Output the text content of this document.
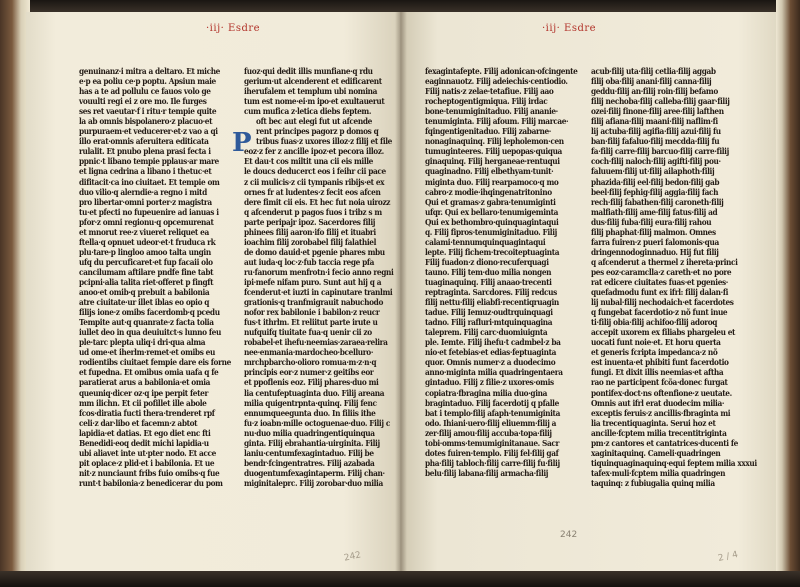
·iij· Esdre
genuinanz·i mitra a deltaro. Et miche
e·p ea poliu ce·p poptu. Apsiun maie
has a te ad pollulu ce fauos volo ge
vouulti regi ei z ore mo. Ile furges
ses ret vaeutar·f i ritu·r tempie quite
la ab omnis bispolanero·z placuo·et
purpuraem·et veducerer·et·z vao a qi
illo erat·omnis aferuitera editicata
rulalit. Et pnubo plena prasi fecta i
ppnic·t libano tempie pplaus·ar mare
et ligna cedrina a libano i thetuc·et
difitacit·ca ino ciuitaet. Et tempie om
duo vilio·q alerndie·a regno i mitd
pro libertar·omni porter·z magistra
tu·et pfecti no fupeuenire ad ianuas i
pfor·z omni regionu·q opcemurenat
et mnorut ree·z viueret reliquet ea
ftella·q opnuet udeor·et·t fruduca rk
plu·tare·p lingloo amoo talta ungin
ufq du percuficaret·et fup facaii olo
cancilumam aftilare pndfe fine tabt
pcipni·alia talita riet·offeret p fingft
anoo·et omib·q prebuit a babilonia
atre ciuitate·ur illet iblas eo opio q
filijs ione·z omibs facerdomb·q pcedu
Tempite aut·q quanrate·z facta tolia
iullet deo in qua deuiuitct·s lunno feu
ple·tarc plepta uliq·i dri·qua alma
ud ome·et iherlm·remet·et omibs eu
rodientibs ciuitaet fempie dare eis forne
et fupedna. Et omibus omia uafa q fe
paratierat arus a babilonia·et omia
queuniq·dicer oz·q ipe perpit feter
mm ilichn. Et cii pofillet ille abole
fcos·diratia fucti thera·trenderet rpf
celi·z dar·libo et facemn·z abtot
lapidia·et datias. Et ego diet enc fti
Benedidi·eoq dedit michi lapidia·u
ubi aliavet inte ut·pter nodo. Et acce
pit oplace·z plid·et i babilonia. Et ue
nit·z nunciaunt fribs fuio omibs·q fue
runt·t babilonia·z benedicerar du pom
fuoz·qui dedit illis munfiane·q rdu
gerium·ut alcenderent et edificarent
iherufalem et templum ubi nomina
tum est nome·ei·m ipo·et exultauerut
cum mufica z·letica diebs feptem.
oft bec aut elegi fut ut afcende
rent principes pagorz p domos q
tribus fuas·z uxores illoz·z filij et file
eoz·z fer z ancille ipoz·et pecora illoz.
Et dau·t cos miltit una cii eis mille
le doucs deducerct eos i feihr cii pace
z cii mulicis·z cii tympanis ribijs·et ex
ornes fr at ludentes·z fecit eos afcen
dere fimit cii eis. Et hec fut noia uirozz
q afcenderut p pagos fuos i tribz s m
parte peripajr ipoz. Sacerdores filij
phinees filij aaron·ifo filij et ituabri
ioachim filij zorobabel filij falathiel
de domo dauid·et pgenie phares mbu
aut iuda·q loc·z·fub taccia rege pfa
ru·fanorum menfrotn·i fecio anno regni
ipi·mefe nifam puro. Sunt aut hij q a
fcenderut·et iuzti in capinutare tranlmi
grationis·q tranfmigrauit nabuchodo
nofor rex babilonie i babilon·z reucr
fus·t ithrlm. Et reliitut parte irute u
nufquifq tiuitate fua·q uenir cii zo
robabel·et ihefu·neemias·zaraea·relira
nee·enmania·mardocheo·bcelluro·
mrchpbarcho·olioro romua·m·z·n·q
principis eor·z numer·z geitibs eor
et ppoflenis eoz. Filij phares·duo mi
lia centufeptuaginta duo. Filij areana
milia quigentrpnta·quinq. Filij fenc
ennumqueegunta duo. In filiis ithe
fu·z ioabn·mille octoguenae·duo. Filij c
nu·duo milia quadringentiquinqua
ginta. Filij ebrahantia·uirginita. Filij
laniu·centumfexagintaduo. Filij be
bendr·fcingentratres. Filij azabada
duogentumfexagintaperm. Filij chan·
miginitaleprc. Filij zorobar·duo milia
P
242
·iij· Esdre
fexagintafepte. Filij adonican·ofcingente
eaginnauotz. Filij adeiechis·centiodio.
Filij natis·z zelae·tetafiue. Filij aao
rocheptogentigmiqua. Filij irdac
bone·tenumiginitaduo. Filij ananie·
tenumiginta. Filij afoum. Filij marcae·
fqingentigenitaduo. Filij zabarne·
nonaginaquinq. Filij lepholemon·cen
tumuginteeres. Filij uepopas·quiqua
ginaquinq. Filij herganeae·rentuqui
quaginadno. Filij elbethyam·tunit·
miginta duo. Filij rearpamoco·q mo
cabro·z modie·ihqingenatritonino
Qui et gramas·z gabra·tenumiginti
ufqr. Qui ex bellaro·tenumigeminta
Qui ex bethombro·quinquagintaqui
q. Filij fipros·tenumiginitaduo. Filij
calami·tennumquinquagintaqui
lepte. Filij fichem·trecoiteptuaginta
Filij fuadon·z diono·recuferquagi
tauno. Filij tem·duo milia nongen
tuaginaquinq. Filij anaao·trecenti
reptraginta. Sarcdores. Filij redcus
filij nettu·filij eliabfi·recentiqruagin
tadue. Filij Iemuz·oudtrquinquagi
tadno. Filij rafluri·mtquinquagina
taleprem. Filij carc·duomiuignta
ple. Iemte. Filij ihefu·t cadmbel·z ba
nio·et fetebias·et edias·feptuaginta
quor. Omnis numer·z a duodecimo
anno·miginta milia quadringentaera
gintaduo. Filij z filie·z uxores·omis
copiatra·fbragina milia duo·gina
bragintaduo. Filij facerdotij q pfalle
bat i templo·filij afaph·tenumiginita
odo. Ihiani·uero·filij eliuemm·filij a
zer·filij amou·filij accuba·topa·filij
tobi·omms·temumiginitanaue. Sacr
dotes fuiren·templo. Filij fel·filij gaf
pha·filij tabloch·filij carre·filij fu·filij
belu·filij labana·filij armacha·filij
acub·filij uta·filij cetlia·filij aggab
filij oba·filij anani·filij canna·filij
geddu·filij an·filij roin·filij befamo
filij nechoba·filij calleba·filij gaar·filij
ozei·filij finone·filij aree·filij lafthen
filij afiana·filij maani·filij naflim·fi
lij actuba·filij agifia·filij azui·filij fu
ban·filij fafaluo·filij mecdda·filij fu
fa·filij carre·filij barcuo·filij carre·filij
coch·filij naloch·filij agifti·filij pou·
faluuem·filij ut·filij ailaphoth·filij
phazida·filij eel·filij bedon·filij gab
beel·filij fephig·filij aggia·filij fach
rech·filij fabathen·filij caroneth·filij
malfiath·filij ame·filij fatus·filij ad
dus·filij fuba·filij eura·filij rahou
filij phaphat·filij malmon. Omnes
farra fuiren·z pueri falomonis·qua
dringennodoginnaduo. Hij fut filij
q afcenderut a thermel z ihereta·princi
pes eoz·caramclla·z careth·et no pore
rat edicere ciuitates fuas·et pgenies·
quefadmodu funt ex ifrl: filij dalan·fi
lij nubal·filij nechodaich·et facerdotes
q fungebat facerdotio·z nõ funt inue
ti·filij obia·filij achifoo·filij adoroq
accepit uxorem ex filiabs phargeleu et
uocati funt noie·et. Et horu querta
et generis fcripta impedanca·z nõ
est inuenta·et phibiti funt facerdotio
fungi. Et dixit illis neemias·et aftha
rao ne participent fcõa·donec furgat
pontifex·doct·ns oftenfione·z ueutate.
Omnis aut ifrl erat duodecim milia·
exceptis feruis·z ancillis·fbraginta mi
lia trecentiquaginta. Serui hoz et
ancille·fcptem milia trecentitriginta
pm·z cantores et cantatrices·ducenti fe
xaginitaquinq. Cameli·quadringen
tiquinquaginaquinq·equi feptem milia xxxui
tafex·muli·fcptem milia quadringen
taquinq: z fubiugalia quinq milia
242
2 / 4
